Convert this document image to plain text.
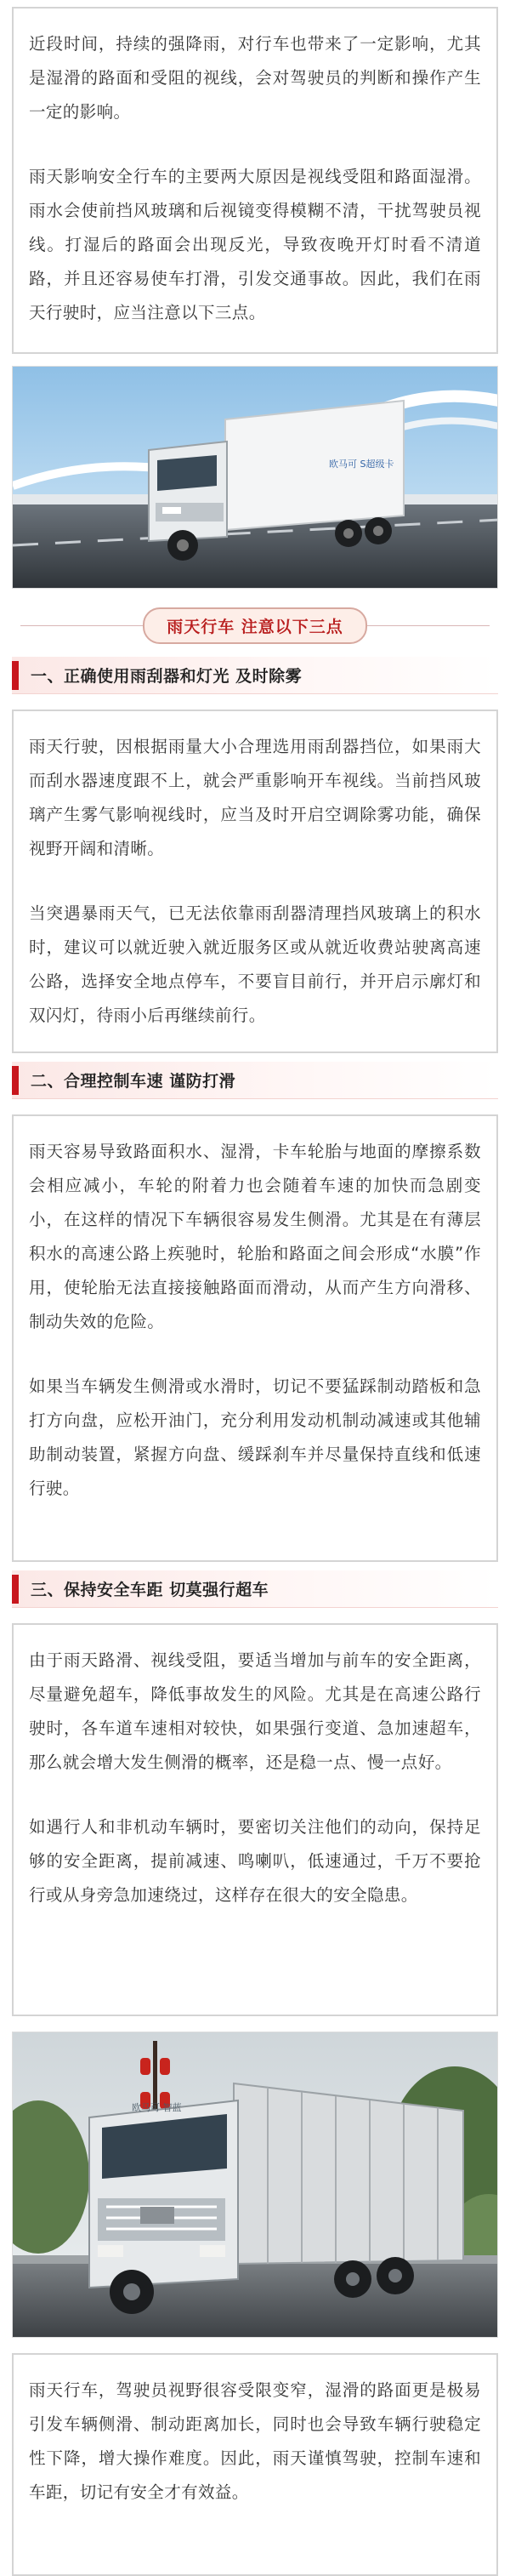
近段时间，持续的强降雨，对行车也带来了一定影响，尤其是湿滑的路面和受阻的视线，会对驾驶员的判断和操作产生一定的影响。

雨天影响安全行车的主要两大原因是视线受阻和路面湿滑。雨水会使前挡风玻璃和后视镜变得模糊不清，干扰驾驶员视线。打湿后的路面会出现反光，导致夜晚开灯时看不清道路，并且还容易使车打滑，引发交通事故。因此，我们在雨天行驶时，应当注意以下三点。

欧马可 S超级卡
雨天行车 注意以下三点
一、正确使用雨刮器和灯光 及时除雾

雨天行驶，因根据雨量大小合理选用雨刮器挡位，如果雨大而刮水器速度跟不上，就会严重影响开车视线。当前挡风玻璃产生雾气影响视线时，应当及时开启空调除雾功能，确保视野开阔和清晰。

当突遇暴雨天气，已无法依靠雨刮器清理挡风玻璃上的积水时，建议可以就近驶入就近服务区或从就近收费站驶离高速公路，选择安全地点停车，不要盲目前行，并开启示廓灯和双闪灯，待雨小后再继续前行。

二、合理控制车速 谨防打滑

雨天容易导致路面积水、湿滑，卡车轮胎与地面的摩擦系数会相应减小，车轮的附着力也会随着车速的加快而急剧变小，在这样的情况下车辆很容易发生侧滑。尤其是在有薄层积水的高速公路上疾驰时，轮胎和路面之间会形成“水膜”作用，使轮胎无法直接接触路面而滑动，从而产生方向滑移、制动失效的危险。

如果当车辆发生侧滑或水滑时，切记不要猛踩制动踏板和急打方向盘，应松开油门，充分利用发动机制动减速或其他辅助制动装置，紧握方向盘、缓踩刹车并尽量保持直线和低速行驶。

三、保持安全车距 切莫强行超车

由于雨天路滑、视线受阻，要适当增加与前车的安全距离，尽量避免超车，降低事故发生的风险。尤其是在高速公路行驶时，各车道车速相对较快，如果强行变道、急加速超车，那么就会增大发生侧滑的概率，还是稳一点、慢一点好。

如遇行人和非机动车辆时，要密切关注他们的动向，保持足够的安全距离，提前减速、鸣喇叭，低速通过，千万不要抢行或从身旁急加速绕过，这样存在很大的安全隐患。

欧马可 智蓝

雨天行车，驾驶员视野很容受限变窄，湿滑的路面更是极易引发车辆侧滑、制动距离加长，同时也会导致车辆行驶稳定性下降，增大操作难度。因此，雨天谨慎驾驶，控制车速和车距，切记有安全才有效益。
